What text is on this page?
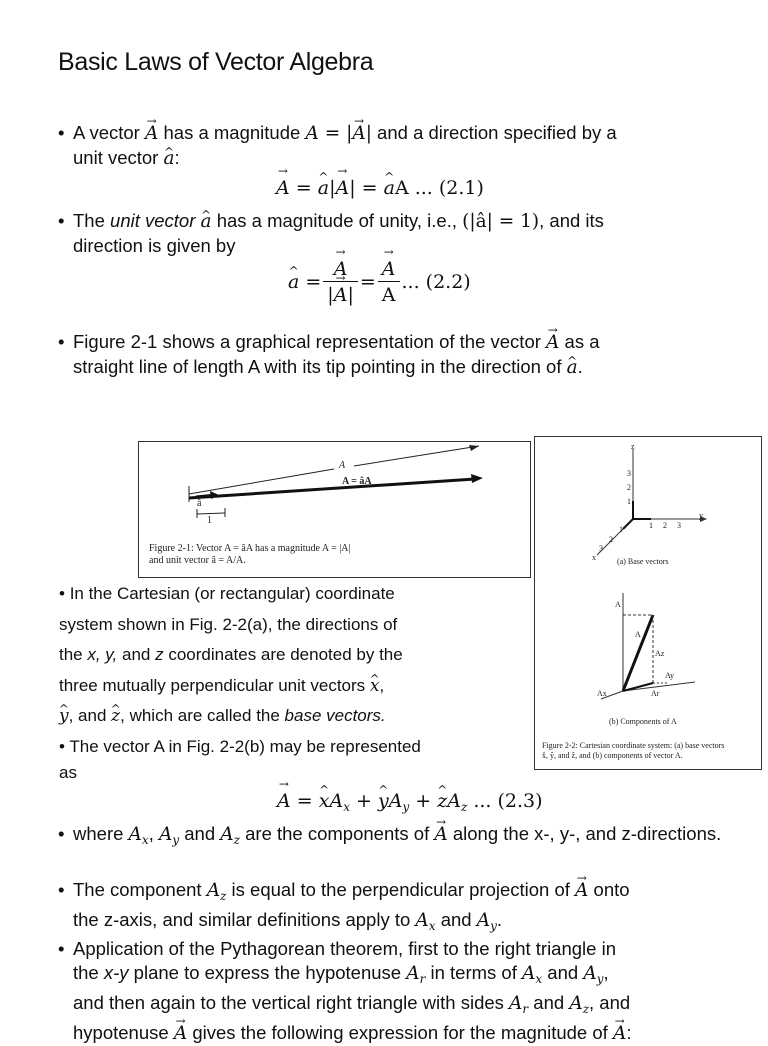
Basic Laws of Vector Algebra
• A vector A → has a magnitude A = |A →| and a direction specified by a
unit vector a ^:
A → = a ^|A →| = a ^A ... (2.1)
• The unit vector a ^ has a magnitude of unity, i.e., (|â| = 1), and its
direction is given by
a ^ = $\frac{A \to}{|A \to|} = \frac{A \to}{A}$ ... (2.2)
• Figure 2-1 shows a graphical representation of the vector A → as a
straight line of length A with its tip pointing in the direction of a ^.
A
A = âA
â
1
Figure 2-1: Vector A = âA has a magnitude A = |A|
and unit vector â = A/A.
z
3
2
1
y
1 2 3
1
2
3
x	(a) Base vectors
A
A
Az
Ax
Ay
Ar
(b) Components of A
Figure 2-2: Cartesian coordinate system: (a) base vectors
x̂, ŷ, and ẑ, and (b) components of vector A.
• In the Cartesian (or rectangular) coordinate
system shown in Fig. 2-2(a), the directions of
the x, y, and z coordinates are denoted by the
three mutually perpendicular unit vectors x ^,
y ^, and z ^, which are called the base vectors.
• The vector A in Fig. 2-2(b) may be represented
as
A → = x $\^{}A_x + y$ $\^{}A_y + z$ $\^{}A_z$ ... (2.3)
• where $A_x$, $A_y$ and $A_z$ are the components of A → along the x-, y-, and z-directions.
• The component $A_z$ is equal to the perpendicular projection of A → onto
the z-axis, and similar definitions apply to $A_x$ and $A_y$.
• Application of the Pythagorean theorem, first to the right triangle in
the x-y plane to express the hypotenuse $A_r$ in terms of $A_x$ and $A_y$,
and then again to the vertical right triangle with sides $A_r$ and $A_z$, and
hypotenuse A → gives the following expression for the magnitude of A →:
